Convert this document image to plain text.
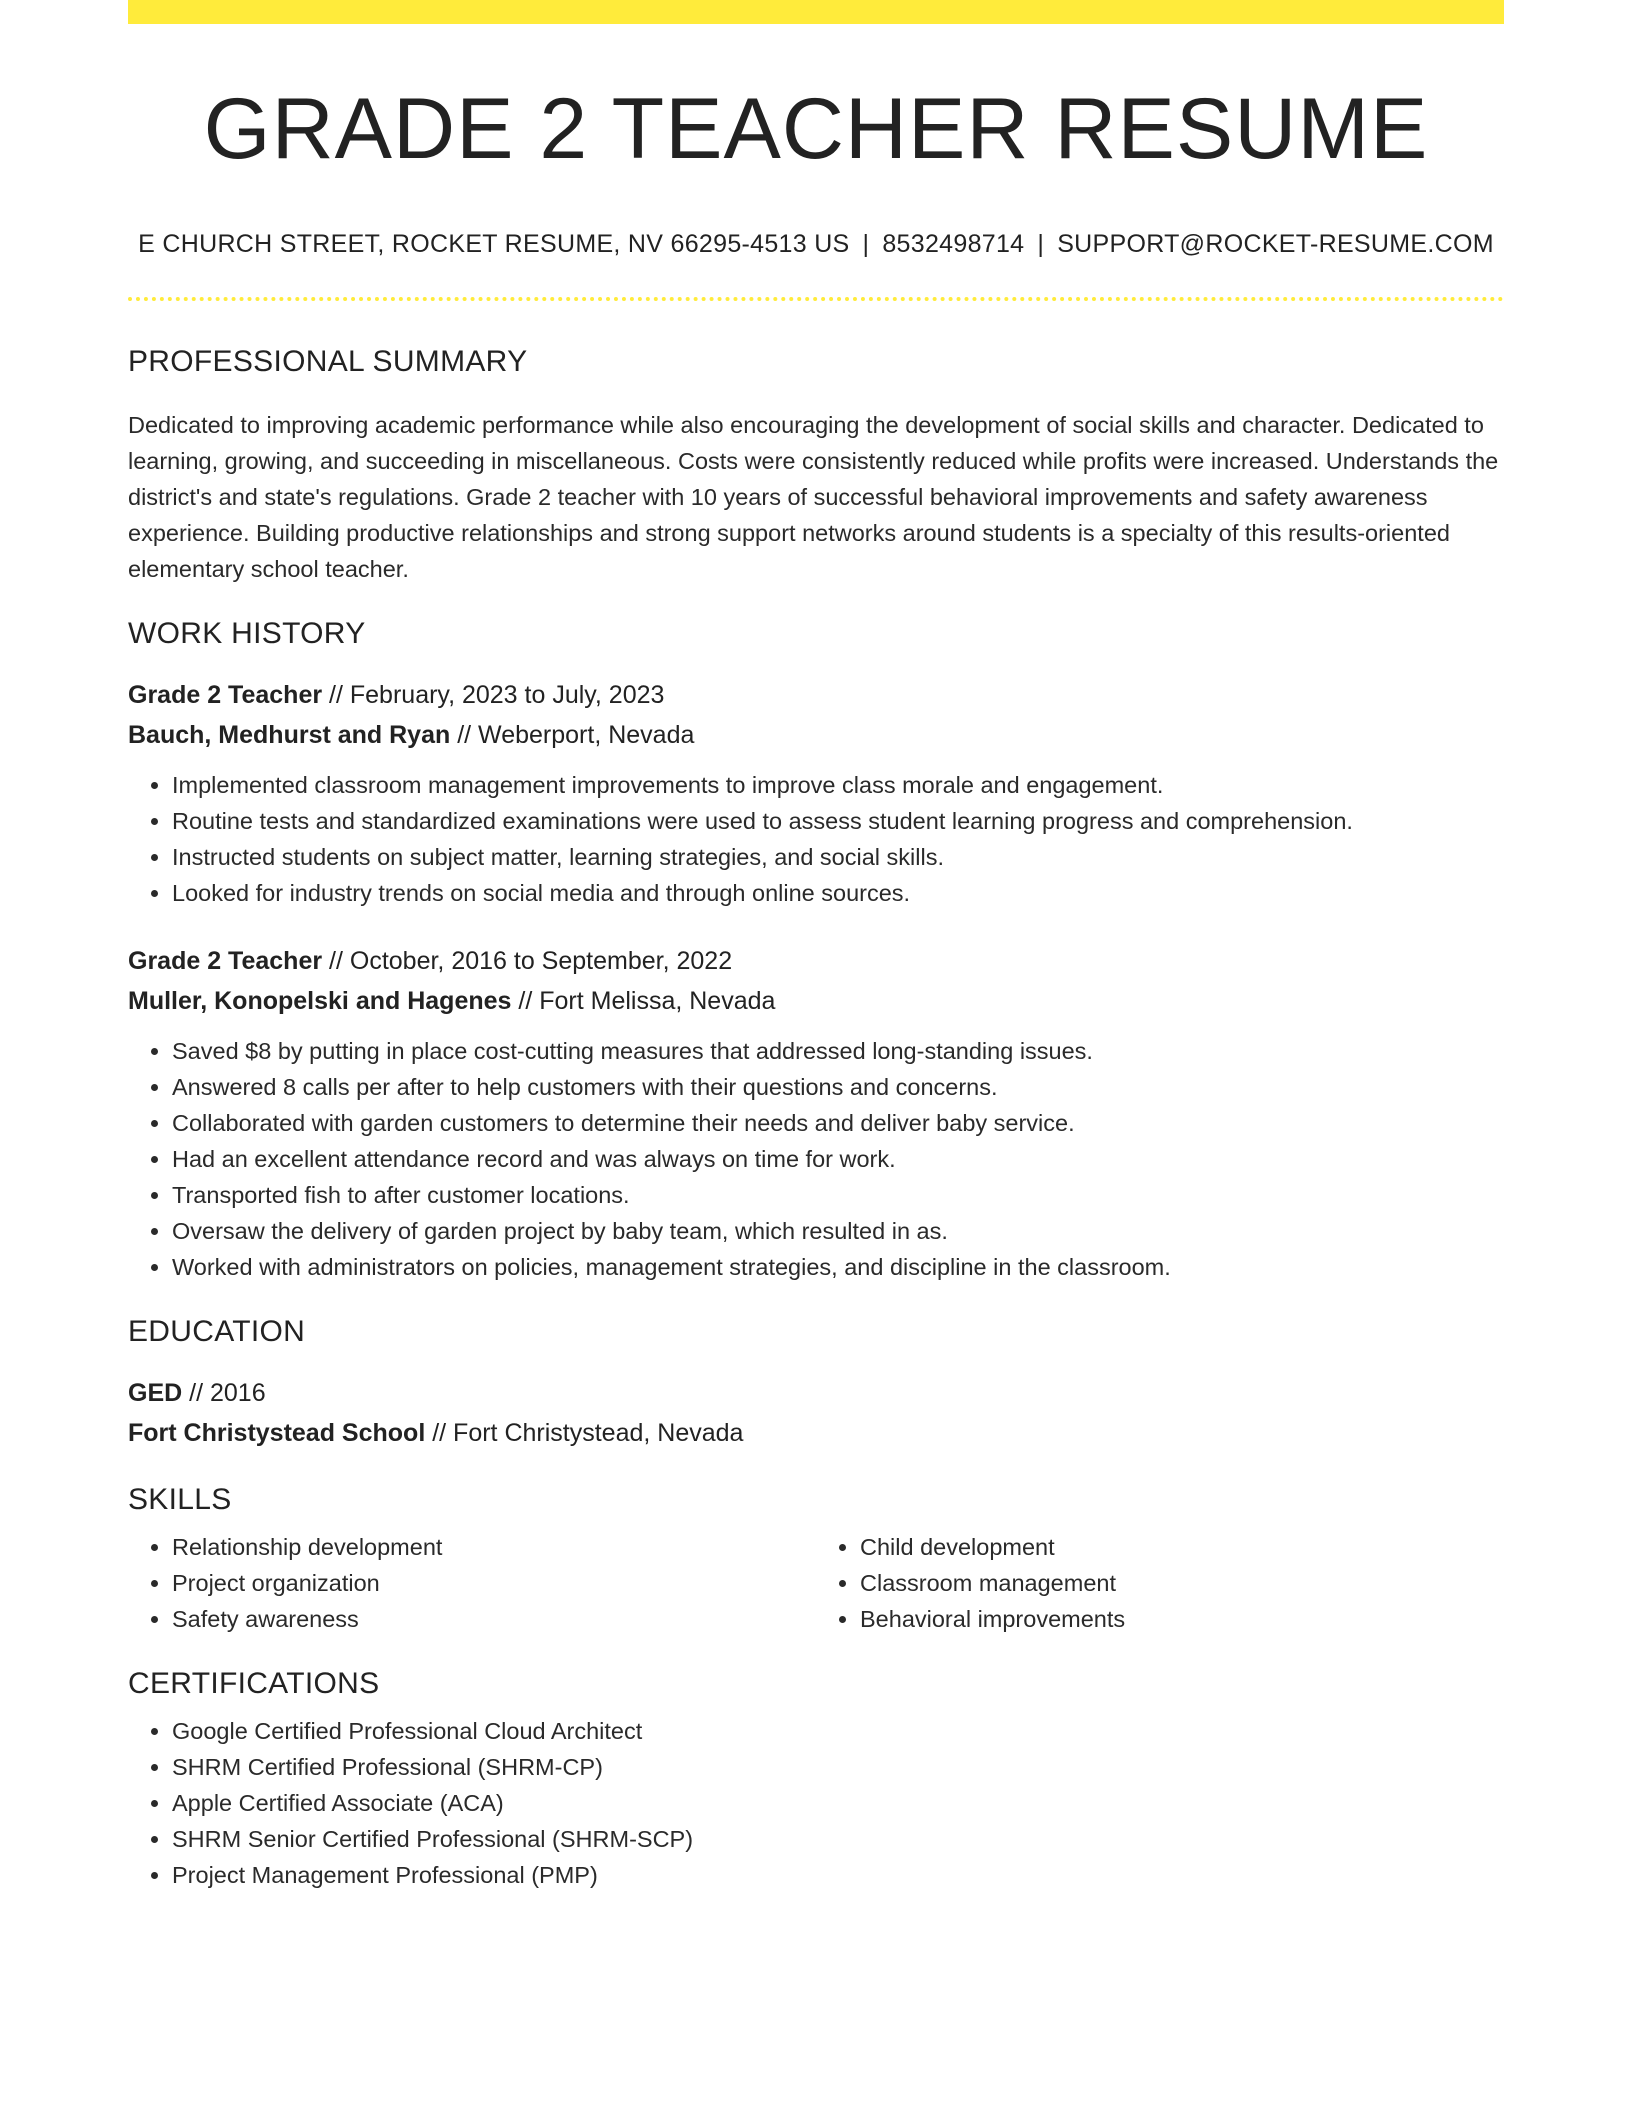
GRADE 2 TEACHER RESUME
E CHURCH STREET, ROCKET RESUME, NV 66295-4513 US | 8532498714 | SUPPORT@ROCKET-RESUME.COM
PROFESSIONAL SUMMARY
Dedicated to improving academic performance while also encouraging the development of social skills and character. Dedicated to learning, growing, and succeeding in miscellaneous. Costs were consistently reduced while profits were increased. Understands the district's and state's regulations. Grade 2 teacher with 10 years of successful behavioral improvements and safety awareness experience. Building productive relationships and strong support networks around students is a specialty of this results-oriented elementary school teacher.
WORK HISTORY
Grade 2 Teacher // February, 2023 to July, 2023
Bauch, Medhurst and Ryan // Weberport, Nevada
• Implemented classroom management improvements to improve class morale and engagement.
• Routine tests and standardized examinations were used to assess student learning progress and comprehension.
• Instructed students on subject matter, learning strategies, and social skills.
• Looked for industry trends on social media and through online sources.
Grade 2 Teacher // October, 2016 to September, 2022
Muller, Konopelski and Hagenes // Fort Melissa, Nevada
• Saved $8 by putting in place cost-cutting measures that addressed long-standing issues.
• Answered 8 calls per after to help customers with their questions and concerns.
• Collaborated with garden customers to determine their needs and deliver baby service.
• Had an excellent attendance record and was always on time for work.
• Transported fish to after customer locations.
• Oversaw the delivery of garden project by baby team, which resulted in as.
• Worked with administrators on policies, management strategies, and discipline in the classroom.
EDUCATION
GED // 2016
Fort Christystead School // Fort Christystead, Nevada
SKILLS
• Relationship development
• Project organization
• Safety awareness
• Child development
• Classroom management
• Behavioral improvements
CERTIFICATIONS
• Google Certified Professional Cloud Architect
• SHRM Certified Professional (SHRM-CP)
• Apple Certified Associate (ACA)
• SHRM Senior Certified Professional (SHRM-SCP)
• Project Management Professional (PMP)
